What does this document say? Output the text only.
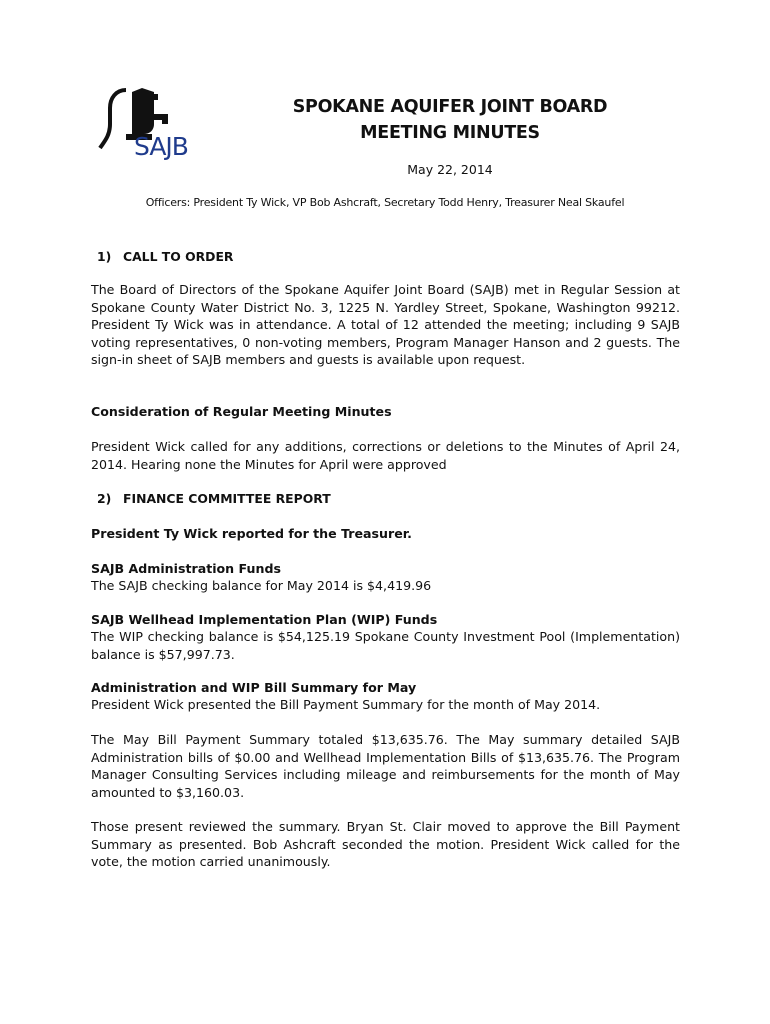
SAJB
SPOKANE AQUIFER JOINT BOARD
MEETING MINUTES
May 22, 2014
Officers: President Ty Wick, VP Bob Ashcraft, Secretary Todd Henry, Treasurer Neal Skaufel
1) CALL TO ORDER
The Board of Directors of the Spokane Aquifer Joint Board (SAJB) met in Regular Session at Spokane County Water District No. 3, 1225 N. Yardley Street, Spokane, Washington 99212. President Ty Wick was in attendance. A total of 12 attended the meeting; including 9 SAJB voting representatives, 0 non-voting members, Program Manager Hanson and 2 guests. The sign-in sheet of SAJB members and guests is available upon request.
Consideration of Regular Meeting Minutes
President Wick called for any additions, corrections or deletions to the Minutes of April 24, 2014. Hearing none the Minutes for April were approved
2) FINANCE COMMITTEE REPORT
President Ty Wick reported for the Treasurer.
SAJB Administration Funds
The SAJB checking balance for May 2014 is $4,419.96
SAJB Wellhead Implementation Plan (WIP) Funds
The WIP checking balance is $54,125.19 Spokane County Investment Pool (Implementation) balance is $57,997.73.
Administration and WIP Bill Summary for May
President Wick presented the Bill Payment Summary for the month of May 2014.
The May Bill Payment Summary totaled $13,635.76. The May summary detailed SAJB Administration bills of $0.00 and Wellhead Implementation Bills of $13,635.76. The Program Manager Consulting Services including mileage and reimbursements for the month of May amounted to $3,160.03.
Those present reviewed the summary. Bryan St. Clair moved to approve the Bill Payment Summary as presented. Bob Ashcraft seconded the motion. President Wick called for the vote, the motion carried unanimously.
